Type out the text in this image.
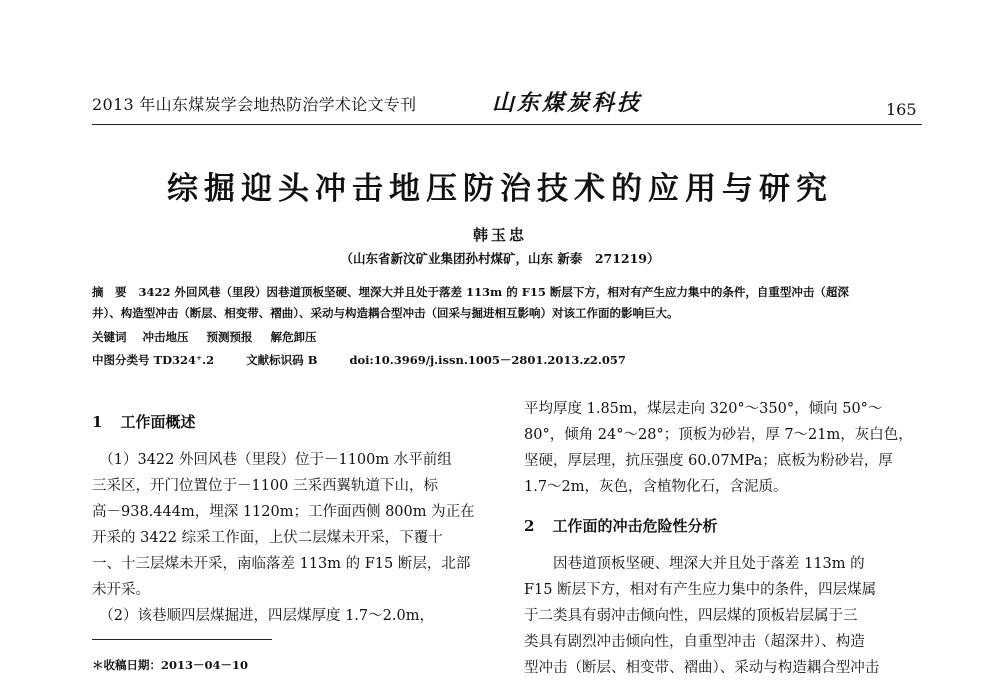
2013 年山东煤炭学会地热防治学术论文专刊	山东煤炭科技	165
综掘迎头冲击地压防治技术的应用与研究
韩玉忠
（山东省新汶矿业集团孙村煤矿，山东 新泰　271219）
摘　要 3422 外回风巷（里段）因巷道顶板坚硬、埋深大并且处于落差 113m 的 F15 断层下方，相对有产生应力集中的条件，自重型冲击（超深
井）、构造型冲击（断层、相变带、褶曲）、采动与构造耦合型冲击（回采与掘进相互影响）对该工作面的影响巨大。
关键词 冲击地压 预测预报 解危卸压
中图分类号 TD324⁺.2	文献标识码 B	doi:10.3969/j.issn.1005－2801.2013.z2.057
1 工作面概述
　（1）3422 外回风巷（里段）位于－1100m 水平前组
三采区，开门位置位于－1100 三采西翼轨道下山，标
高－938.444m，埋深 1120m；工作面西侧 800m 为正在
开采的 3422 综采工作面，上伏二层煤未开采，下覆十
一、十三层煤未开采，南临落差 113m 的 F15 断层，北部
未开采。
　（2）该巷顺四层煤掘进，四层煤厚度 1.7～2.0m，
平均厚度 1.85m，煤层走向 320°～350°，倾向 50°～
80°，倾角 24°～28°；顶板为砂岩，厚 7～21m，灰白色，
坚硬，厚层理，抗压强度 60.07MPa；底板为粉砂岩，厚
1.7～2m，灰色，含植物化石，含泥质。
2 工作面的冲击危险性分析
　　因巷道顶板坚硬、埋深大并且处于落差 113m 的
F15 断层下方，相对有产生应力集中的条件，四层煤属
于二类具有弱冲击倾向性，四层煤的顶板岩层属于三
类具有剧烈冲击倾向性，自重型冲击（超深井）、构造
型冲击（断层、相变带、褶曲）、采动与构造耦合型冲击
＊收稿日期：2013－04－10
